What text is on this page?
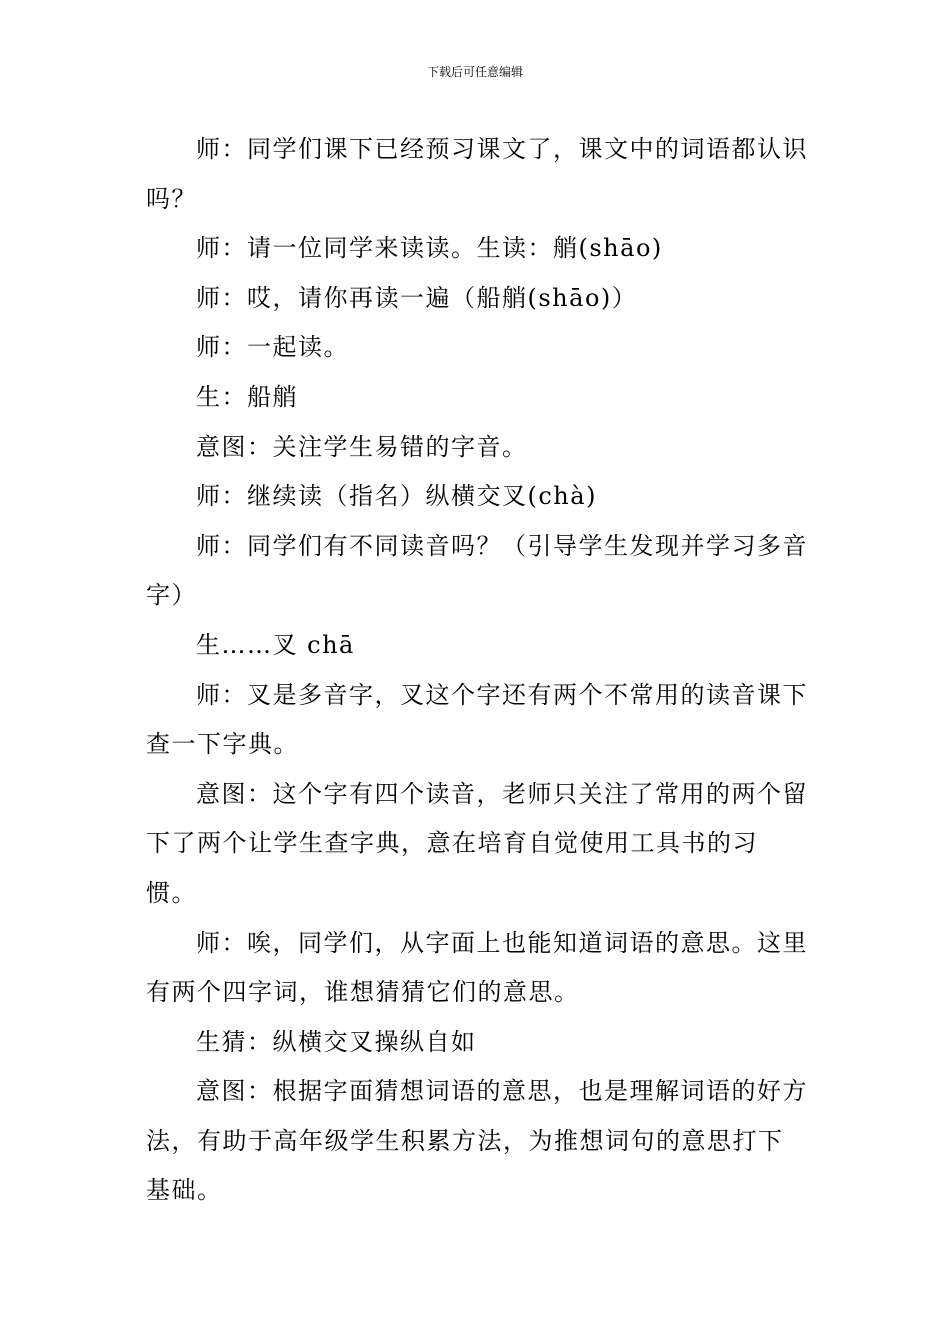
下载后可任意编辑

师：同学们课下已经预习课文了，课文中的词语都认识吗？

师：请一位同学来读读。生读：艄(shāo)

师：哎，请你再读一遍（船艄(shāo)）

师：一起读。

生：船艄

意图：关注学生易错的字音。

师：继续读（指名）纵横交叉(chà)

师：同学们有不同读音吗？（引导学生发现并学习多音字）

生……叉 chā

师：叉是多音字，叉这个字还有两个不常用的读音课下查一下字典。

意图：这个字有四个读音，老师只关注了常用的两个留下了两个让学生查字典，意在培育自觉使用工具书的习惯。

师：唉，同学们，从字面上也能知道词语的意思。这里有两个四字词，谁想猜猜它们的意思。

生猜：纵横交叉操纵自如

意图：根据字面猜想词语的意思，也是理解词语的好方法，有助于高年级学生积累方法，为推想词句的意思打下基础。
